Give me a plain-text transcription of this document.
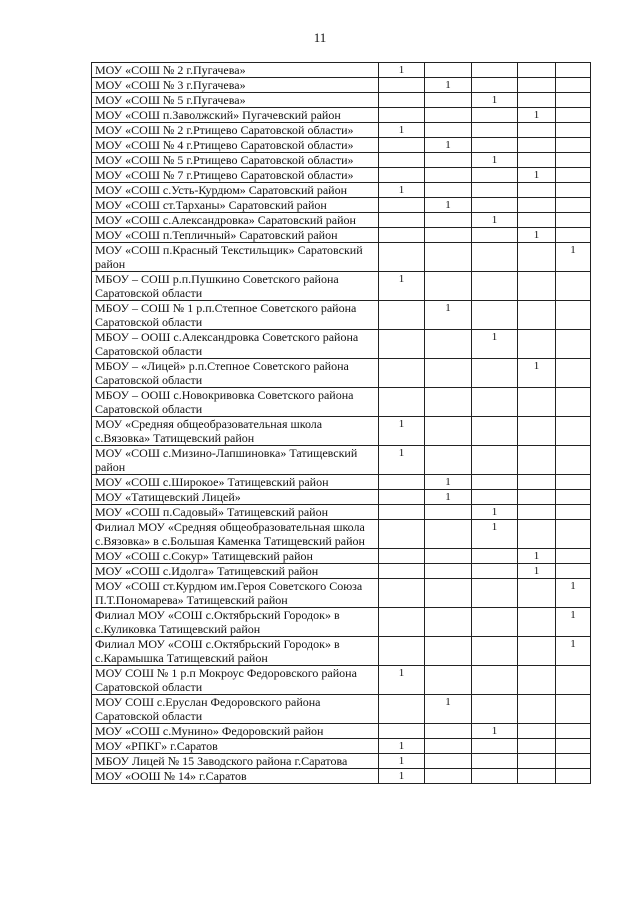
11
МОУ «СОШ № 2 г.Пугачева»	1				
МОУ «СОШ № 3 г.Пугачева»		1			
МОУ «СОШ № 5 г.Пугачева»			1		
МОУ «СОШ п.Заволжский» Пугачевский район				1	
МОУ «СОШ № 2 г.Ртищево Саратовской области»	1				
МОУ «СОШ № 4 г.Ртищево Саратовской области»		1			
МОУ «СОШ № 5 г.Ртищево Саратовской области»			1		
МОУ «СОШ № 7 г.Ртищево Саратовской области»				1	
МОУ «СОШ с.Усть-Курдюм» Саратовский район	1				
МОУ «СОШ ст.Тарханы» Саратовский район		1			
МОУ «СОШ с.Александровка» Саратовский район			1		
МОУ «СОШ п.Тепличный» Саратовский район				1	
МОУ «СОШ п.Красный Текстильщик» Саратовский район					1
МБОУ – СОШ р.п.Пушкино Советского района Саратовской области	1				
МБОУ – СОШ № 1 р.п.Степное Советского района Саратовской области		1			
МБОУ – ООШ с.Александровка Советского района Саратовской области			1		
МБОУ – «Лицей» р.п.Степное Советского района Саратовской области				1	
МБОУ – ООШ с.Новокривовка Советского района Саратовской области					
МОУ «Средняя общеобразовательная школа с.Вязовка» Татищевский район	1				
МОУ «СОШ с.Мизино-Лапшиновка» Татищевский район	1				
МОУ «СОШ с.Широкое» Татищевский район		1			
МОУ «Татищевский Лицей»		1			
МОУ «СОШ п.Садовый» Татищевский район			1		
Филиал МОУ «Средняя общеобразовательная школа с.Вязовка» в с.Большая Каменка Татищевский район			1		
МОУ «СОШ с.Сокур» Татищевский район				1	
МОУ «СОШ с.Идолга» Татищевский район				1	
МОУ «СОШ ст.Курдюм им.Героя Советского Союза П.Т.Пономарева» Татищевский район					1
Филиал МОУ «СОШ с.Октябрьский Городок» в с.Куликовка Татищевский район					1
Филиал МОУ «СОШ с.Октябрьский Городок» в с.Карамышка Татищевский район					1
МОУ СОШ № 1 р.п Мокроус Федоровского района Саратовской области	1				
МОУ СОШ с.Еруслан Федоровского района Саратовской области		1			
МОУ «СОШ с.Мунино» Федоровский район			1		
МОУ «РПКГ» г.Саратов	1				
МБОУ Лицей № 15 Заводского района г.Саратова	1				
МОУ «ООШ № 14» г.Саратов	1				
